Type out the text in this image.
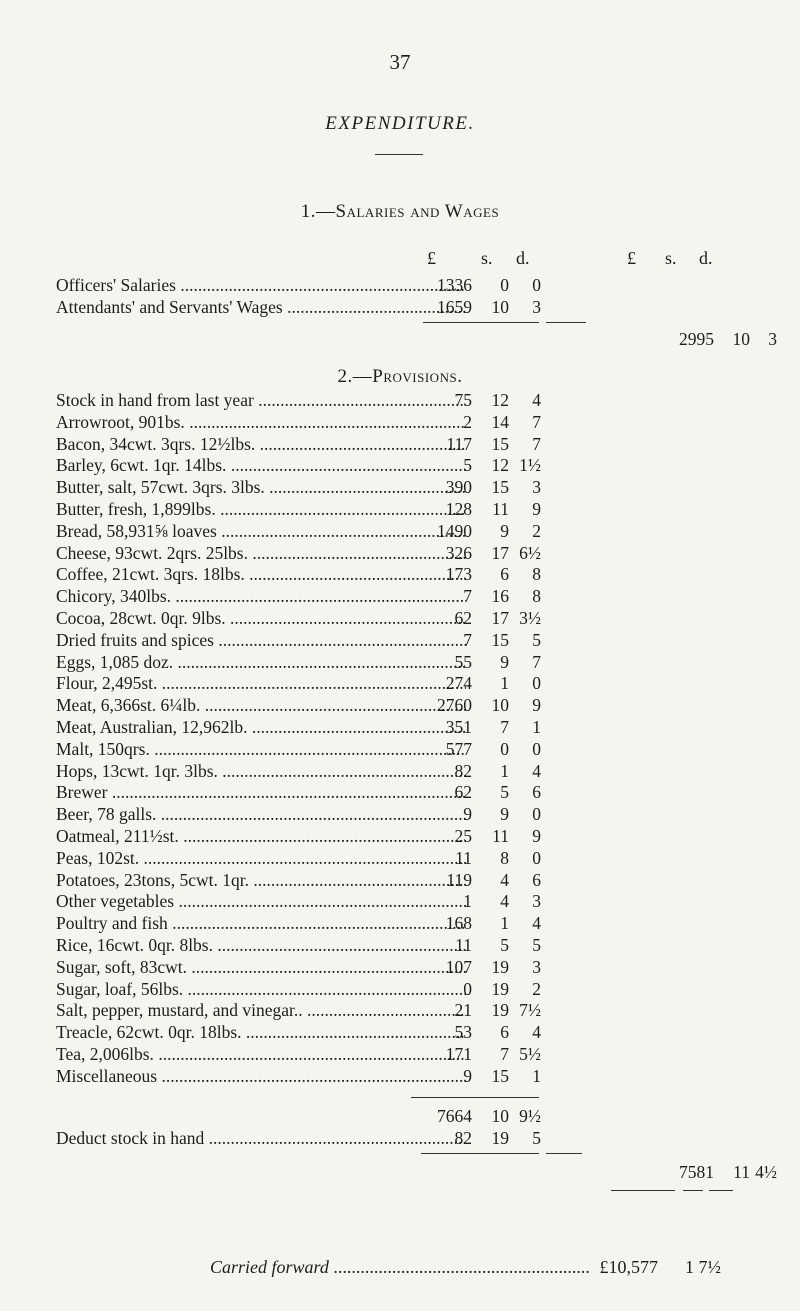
37
EXPENDITURE.
1.—Salaries and Wages
£	s. d.	£ s. d.
Officers' Salaries .....	1336	0	0
Attendants' and Servants' Wages .....	1659	10	3
2995	10	3
2.—Provisions.
Stock in hand from last year .....	75	12	4
Arrowroot, 901bs. .....	2	14	7
Bacon, 34cwt. 3qrs. 12½lbs. .....	117	15	7
Barley, 6cwt. 1qr. 14lbs. .....	5	12 1½
Butter, salt, 57cwt. 3qrs. 3lbs. .....	390	15	3
Butter, fresh, 1,899lbs. .....	128	11	9
Bread, 58,931⅝ loaves .....	1490	9	2
Cheese, 93cwt. 2qrs. 25lbs. .....	326	17 6½
Coffee, 21cwt. 3qrs. 18lbs. .....	173	6	8
Chicory, 340lbs. .....	7	16	8
Cocoa, 28cwt. 0qr. 9lbs. .....	62	17 3½
Dried fruits and spices .....	7	15	5
Eggs, 1,085 doz. .....	55	9	7
Flour, 2,495st. .....	274	1	0
Meat, 6,366st. 6¼lb. .....	2760	10	9
Meat, Australian, 12,962lb. .....	351	7	1
Malt, 150qrs. .....	577	0	0
Hops, 13cwt. 1qr. 3lbs. .....	82	1	4
Brewer .....	62	5	6
Beer, 78 galls. .....	9	9	0
Oatmeal, 211½st. .....	25	11	9
Peas, 102st. .....	11	8	0
Potatoes, 23tons, 5cwt. 1qr. .....	119	4	6
Other vegetables .....	1	4	3
Poultry and fish .....	168	1	4
Rice, 16cwt. 0qr. 8lbs. .....	11	5	5
Sugar, soft, 83cwt. .....	107	19	3
Sugar, loaf, 56lbs. .....	0	19	2
Salt, pepper, mustard, and vinegar.. .....	21	19 7½
Treacle, 62cwt. 0qr. 18lbs. .....	53	6	4
Tea, 2,006lbs. .....	171	7 5½
Miscellaneous .....	9	15	1
7664	10 9½
Deduct stock in hand .....	82	19	5
7581	11 4½
Carried forward .....	£10,577	1 7½
